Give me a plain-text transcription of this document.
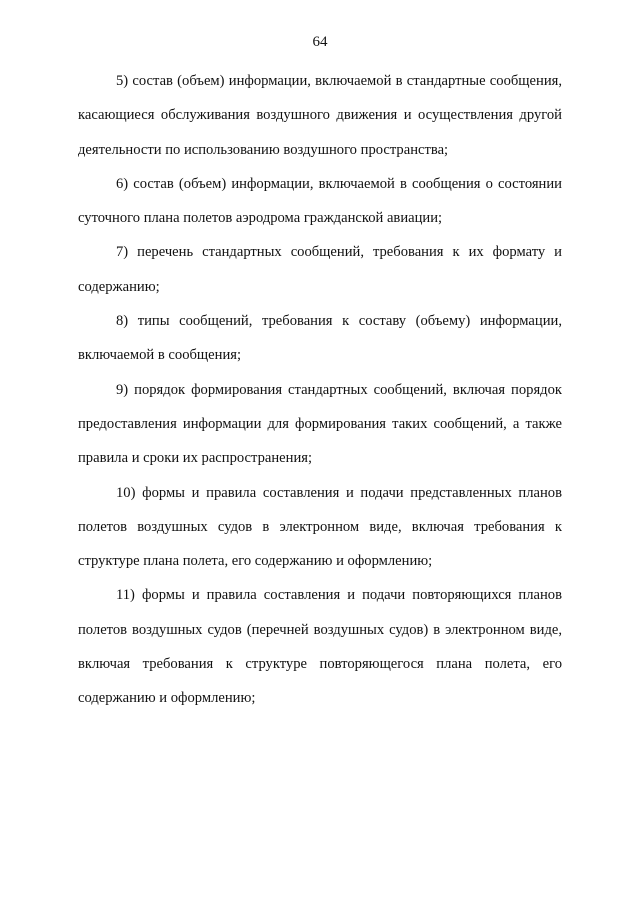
64

5) состав (объем) информации, включаемой в стандартные сообщения, касающиеся обслуживания воздушного движения и осуществления другой деятельности по использованию воздушного пространства;

6) состав (объем) информации, включаемой в сообщения о состоянии суточного плана полетов аэродрома гражданской авиации;

7) перечень стандартных сообщений, требования к их формату и содержанию;

8) типы сообщений, требования к составу (объему) информации, включаемой в сообщения;

9) порядок формирования стандартных сообщений, включая порядок предоставления информации для формирования таких сообщений, а также правила и сроки их распространения;

10) формы и правила составления и подачи представленных планов полетов воздушных судов в электронном виде, включая требования к структуре плана полета, его содержанию и оформлению;

11) формы и правила составления и подачи повторяющихся планов полетов воздушных судов (перечней воздушных судов) в электронном виде, включая требования к структуре повторяющегося плана полета, его содержанию и оформлению;
